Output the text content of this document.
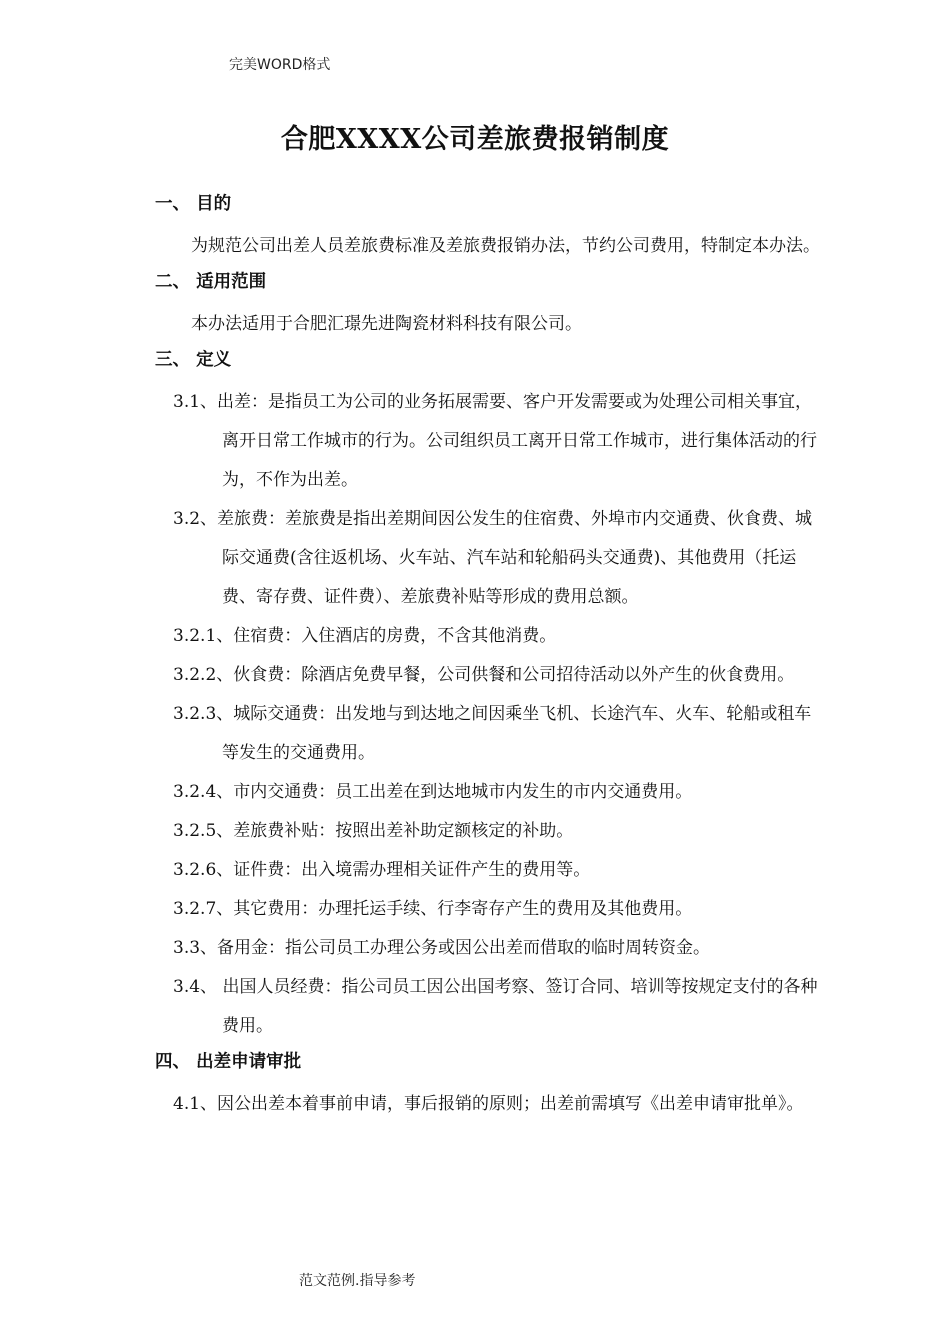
完美WORD格式
合肥XXXX公司差旅费报销制度
一、 目的
为规范公司出差人员差旅费标准及差旅费报销办法，节约公司费用，特制定本办法。
二、 适用范围
本办法适用于合肥汇璟先进陶瓷材料科技有限公司。
三、 定义
3.1、出差：是指员工为公司的业务拓展需要、客户开发需要或为处理公司相关事宜，离开日常工作城市的行为。公司组织员工离开日常工作城市，进行集体活动的行为，不作为出差。
3.2、差旅费：差旅费是指出差期间因公发生的住宿费、外埠市内交通费、伙食费、城际交通费(含往返机场、火车站、汽车站和轮船码头交通费)、其他费用（托运费、寄存费、证件费）、差旅费补贴等形成的费用总额。
3.2.1、住宿费：入住酒店的房费，不含其他消费。
3.2.2、伙食费：除酒店免费早餐，公司供餐和公司招待活动以外产生的伙食费用。
3.2.3、城际交通费：出发地与到达地之间因乘坐飞机、长途汽车、火车、轮船或租车等发生的交通费用。
3.2.4、市内交通费：员工出差在到达地城市内发生的市内交通费用。
3.2.5、差旅费补贴：按照出差补助定额核定的补助。
3.2.6、证件费：出入境需办理相关证件产生的费用等。
3.2.7、其它费用：办理托运手续、行李寄存产生的费用及其他费用。
3.3、备用金：指公司员工办理公务或因公出差而借取的临时周转资金。
3.4、 出国人员经费：指公司员工因公出国考察、签订合同、培训等按规定支付的各种费用。
四、 出差申请审批
4.1、因公出差本着事前申请，事后报销的原则；出差前需填写《出差申请审批单》。
范文范例.指导参考
